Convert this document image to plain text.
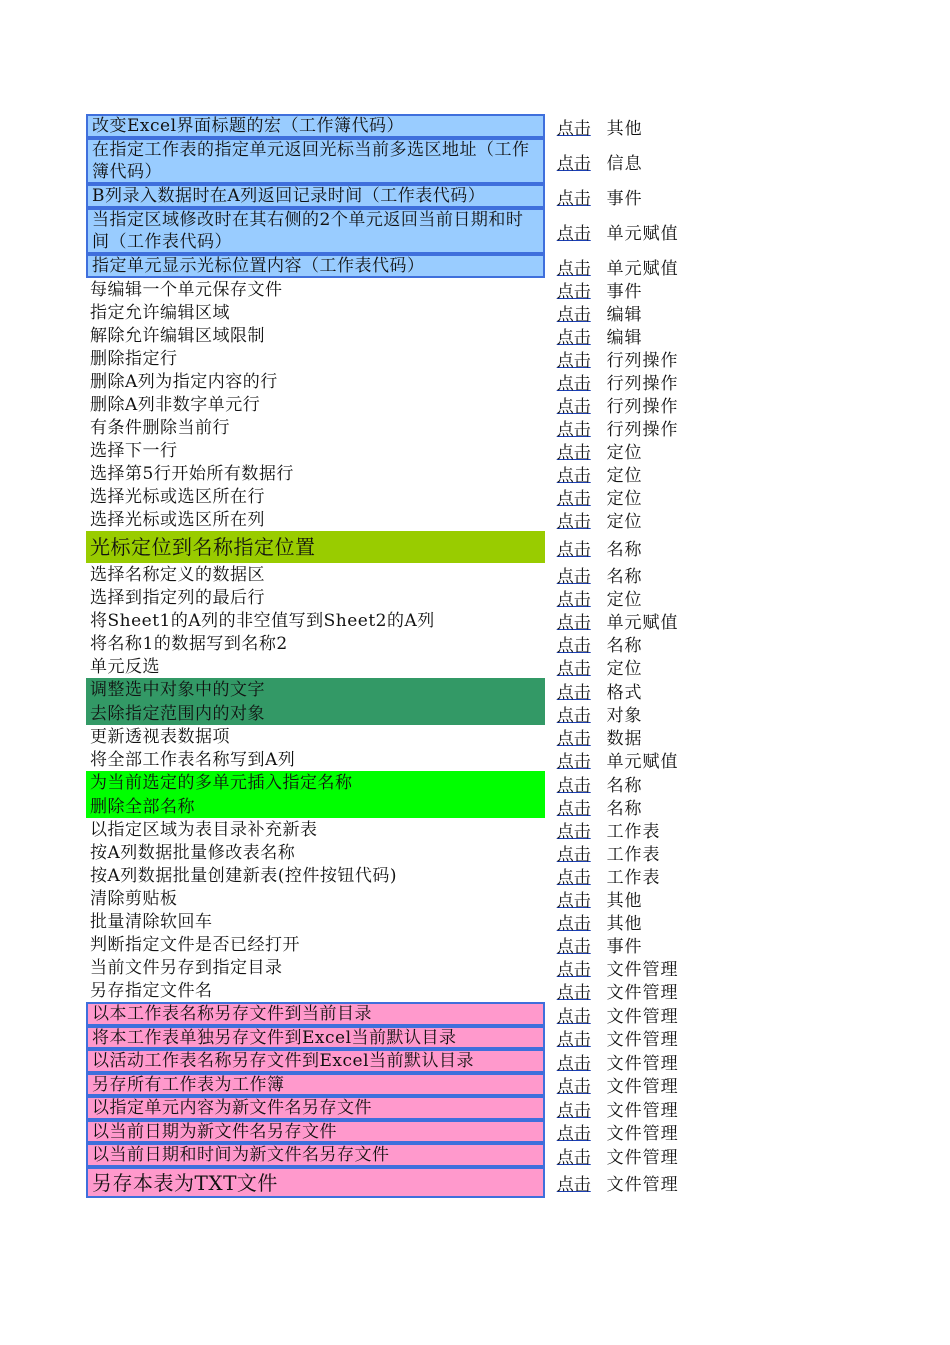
改变Excel界面标题的宏（工作簿代码）	点击 其他
在指定工作表的指定单元返回光标当前多选区地址（工作簿代码）	点击 信息
B列录入数据时在A列返回记录时间（工作表代码）	点击 事件
当指定区域修改时在其右侧的2个单元返回当前日期和时间（工作表代码）	点击 单元赋值
指定单元显示光标位置内容（工作表代码）	点击 单元赋值
每编辑一个单元保存文件	点击 事件
指定允许编辑区域	点击 编辑
解除允许编辑区域限制	点击 编辑
删除指定行	点击 行列操作
删除A列为指定内容的行	点击 行列操作
删除A列非数字单元行	点击 行列操作
有条件删除当前行	点击 行列操作
选择下一行	点击 定位
选择第5行开始所有数据行	点击 定位
选择光标或选区所在行	点击 定位
选择光标或选区所在列	点击 定位
光标定位到名称指定位置	点击 名称
选择名称定义的数据区	点击 名称
选择到指定列的最后行	点击 定位
将Sheet1的A列的非空值写到Sheet2的A列	点击 单元赋值
将名称1的数据写到名称2	点击 名称
单元反选	点击 定位
调整选中对象中的文字	点击 格式
去除指定范围内的对象	点击 对象
更新透视表数据项	点击 数据
将全部工作表名称写到A列	点击 单元赋值
为当前选定的多单元插入指定名称	点击 名称
删除全部名称	点击 名称
以指定区域为表目录补充新表	点击 工作表
按A列数据批量修改表名称	点击 工作表
按A列数据批量创建新表(控件按钮代码)	点击 工作表
清除剪贴板	点击 其他
批量清除软回车	点击 其他
判断指定文件是否已经打开	点击 事件
当前文件另存到指定目录	点击 文件管理
另存指定文件名	点击 文件管理
以本工作表名称另存文件到当前目录	点击 文件管理
将本工作表单独另存文件到Excel当前默认目录	点击 文件管理
以活动工作表名称另存文件到Excel当前默认目录	点击 文件管理
另存所有工作表为工作簿	点击 文件管理
以指定单元内容为新文件名另存文件	点击 文件管理
以当前日期为新文件名另存文件	点击 文件管理
以当前日期和时间为新文件名另存文件	点击 文件管理
另存本表为TXT文件	点击 文件管理
